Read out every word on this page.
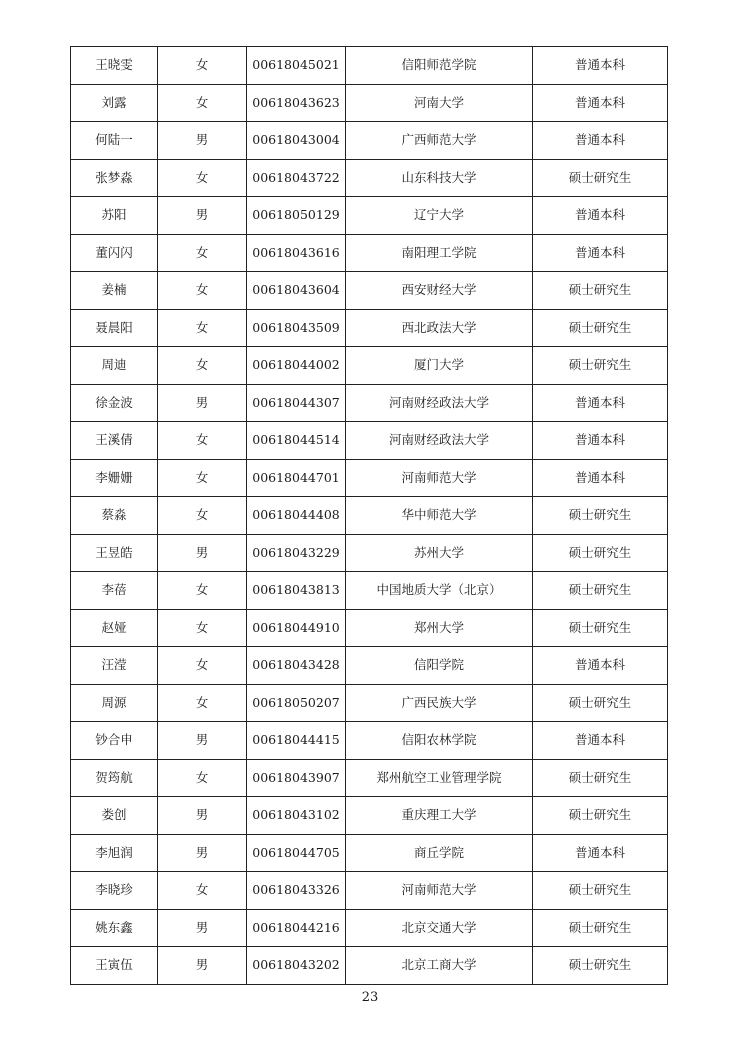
王晓雯	女	00618045021	信阳师范学院	普通本科
刘露	女	00618043623	河南大学	普通本科
何陆一	男	00618043004	广西师范大学	普通本科
张梦淼	女	00618043722	山东科技大学	硕士研究生
苏阳	男	00618050129	辽宁大学	普通本科
董闪闪	女	00618043616	南阳理工学院	普通本科
姜楠	女	00618043604	西安财经大学	硕士研究生
聂晨阳	女	00618043509	西北政法大学	硕士研究生
周迪	女	00618044002	厦门大学	硕士研究生
徐金波	男	00618044307	河南财经政法大学	普通本科
王溪倩	女	00618044514	河南财经政法大学	普通本科
李姗姗	女	00618044701	河南师范大学	普通本科
蔡淼	女	00618044408	华中师范大学	硕士研究生
王昱皓	男	00618043229	苏州大学	硕士研究生
李蓓	女	00618043813	中国地质大学（北京）	硕士研究生
赵娅	女	00618044910	郑州大学	硕士研究生
汪滢	女	00618043428	信阳学院	普通本科
周源	女	00618050207	广西民族大学	硕士研究生
钞合申	男	00618044415	信阳农林学院	普通本科
贺筠航	女	00618043907	郑州航空工业管理学院	硕士研究生
娄创	男	00618043102	重庆理工大学	硕士研究生
李旭润	男	00618044705	商丘学院	普通本科
李晓珍	女	00618043326	河南师范大学	硕士研究生
姚东鑫	男	00618044216	北京交通大学	硕士研究生
王寅伍	男	00618043202	北京工商大学	硕士研究生
23
